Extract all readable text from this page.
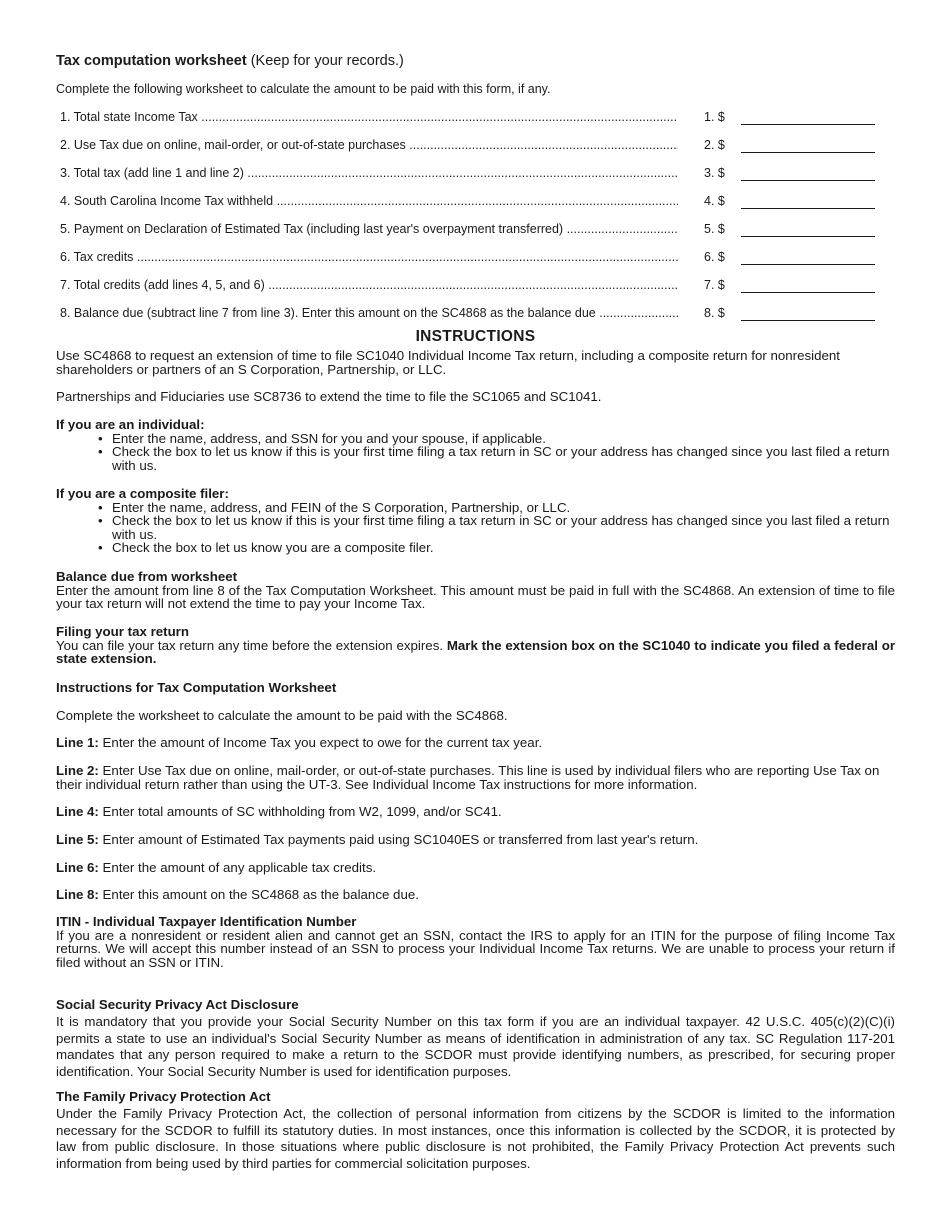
Tax computation worksheet (Keep for your records.)
Complete the following worksheet to calculate the amount to be paid with this form, if any.
1. Total state Income Tax .....	1. $
2. Use Tax due on online, mail-order, or out-of-state purchases .....	2. $
3. Total tax (add line 1 and line 2) .....	3. $
4. South Carolina Income Tax withheld .....	4. $
5. Payment on Declaration of Estimated Tax (including last year's overpayment transferred) .....	5. $
6. Tax credits .....	6. $
7. Total credits (add lines 4, 5, and 6) .....	7. $
8. Balance due (subtract line 7 from line 3). Enter this amount on the SC4868 as the balance due .....	8. $
INSTRUCTIONS
Use SC4868 to request an extension of time to file SC1040 Individual Income Tax return, including a composite return for nonresident shareholders or partners of an S Corporation, Partnership, or LLC.
Partnerships and Fiduciaries use SC8736 to extend the time to file the SC1065 and SC1041.
If you are an individual:
• Enter the name, address, and SSN for you and your spouse, if applicable.
• Check the box to let us know if this is your first time filing a tax return in SC or your address has changed since you last filed a return with us.
If you are a composite filer:
• Enter the name, address, and FEIN of the S Corporation, Partnership, or LLC.
• Check the box to let us know if this is your first time filing a tax return in SC or your address has changed since you last filed a return with us.
• Check the box to let us know you are a composite filer.
Balance due from worksheet
Enter the amount from line 8 of the Tax Computation Worksheet. This amount must be paid in full with the SC4868. An extension of time to file your tax return will not extend the time to pay your Income Tax.
Filing your tax return
You can file your tax return any time before the extension expires. Mark the extension box on the SC1040 to indicate you filed a federal or state extension.
Instructions for Tax Computation Worksheet
Complete the worksheet to calculate the amount to be paid with the SC4868.
Line 1: Enter the amount of Income Tax you expect to owe for the current tax year.
Line 2: Enter Use Tax due on online, mail-order, or out-of-state purchases. This line is used by individual filers who are reporting Use Tax on their individual return rather than using the UT-3. See Individual Income Tax instructions for more information.
Line 4: Enter total amounts of SC withholding from W2, 1099, and/or SC41.
Line 5: Enter amount of Estimated Tax payments paid using SC1040ES or transferred from last year's return.
Line 6: Enter the amount of any applicable tax credits.
Line 8: Enter this amount on the SC4868 as the balance due.
ITIN - Individual Taxpayer Identification Number
If you are a nonresident or resident alien and cannot get an SSN, contact the IRS to apply for an ITIN for the purpose of filing Income Tax returns. We will accept this number instead of an SSN to process your Individual Income Tax returns. We are unable to process your return if filed without an SSN or ITIN.
Social Security Privacy Act Disclosure
It is mandatory that you provide your Social Security Number on this tax form if you are an individual taxpayer. 42 U.S.C. 405(c)(2)(C)(i) permits a state to use an individual's Social Security Number as means of identification in administration of any tax. SC Regulation 117-201 mandates that any person required to make a return to the SCDOR must provide identifying numbers, as prescribed, for securing proper identification. Your Social Security Number is used for identification purposes.
The Family Privacy Protection Act
Under the Family Privacy Protection Act, the collection of personal information from citizens by the SCDOR is limited to the information necessary for the SCDOR to fulfill its statutory duties. In most instances, once this information is collected by the SCDOR, it is protected by law from public disclosure. In those situations where public disclosure is not prohibited, the Family Privacy Protection Act prevents such information from being used by third parties for commercial solicitation purposes.
